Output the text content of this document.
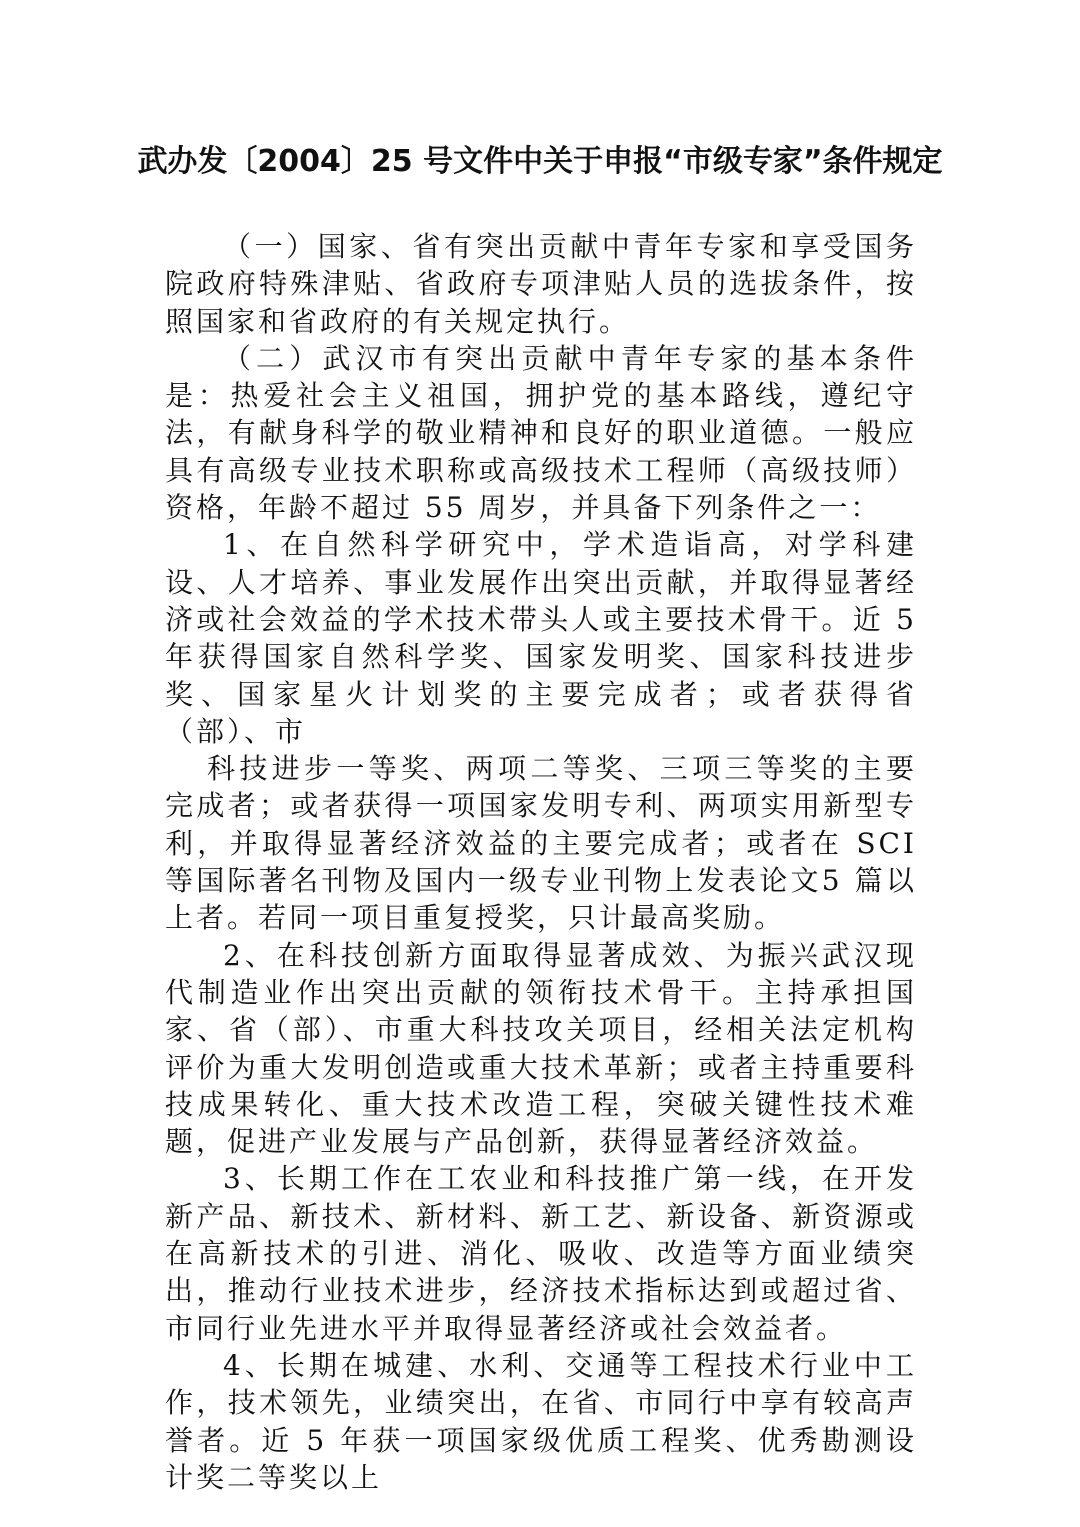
武办发〔2004〕25 号文件中关于申报“市级专家”条件规定

（一）国家、省有突出贡献中青年专家和享受国务院政府特殊津贴、省政府专项津贴人员的选拔条件，按照国家和省政府的有关规定执行。

（二）武汉市有突出贡献中青年专家的基本条件是：热爱社会主义祖国，拥护党的基本路线，遵纪守法，有献身科学的敬业精神和良好的职业道德。一般应具有高级专业技术职称或高级技术工程师（高级技师）资格，年龄不超过 55 周岁，并具备下列条件之一：

1、在自然科学研究中，学术造诣高，对学科建设、人才培养、事业发展作出突出贡献，并取得显著经济或社会效益的学术技术带头人或主要技术骨干。近 5 年获得国家自然科学奖、国家发明奖、国家科技进步奖、国家星火计划奖的主要完成者；或者获得省（部）、市

科技进步一等奖、两项二等奖、三项三等奖的主要完成者；或者获得一项国家发明专利、两项实用新型专利，并取得显著经济效益的主要完成者；或者在 SCI 等国际著名刊物及国内一级专业刊物上发表论文5 篇以上者。若同一项目重复授奖，只计最高奖励。

2、在科技创新方面取得显著成效、为振兴武汉现代制造业作出突出贡献的领衔技术骨干。主持承担国家、省（部）、市重大科技攻关项目，经相关法定机构评价为重大发明创造或重大技术革新；或者主持重要科技成果转化、重大技术改造工程，突破关键性技术难题，促进产业发展与产品创新，获得显著经济效益。

3、长期工作在工农业和科技推广第一线，在开发新产品、新技术、新材料、新工艺、新设备、新资源或在高新技术的引进、消化、吸收、改造等方面业绩突出，推动行业技术进步，经济技术指标达到或超过省、市同行业先进水平并取得显著经济或社会效益者。

4、长期在城建、水利、交通等工程技术行业中工作，技术领先，业绩突出，在省、市同行中享有较高声誉者。近 5 年获一项国家级优质工程奖、优秀勘测设计奖二等奖以上
